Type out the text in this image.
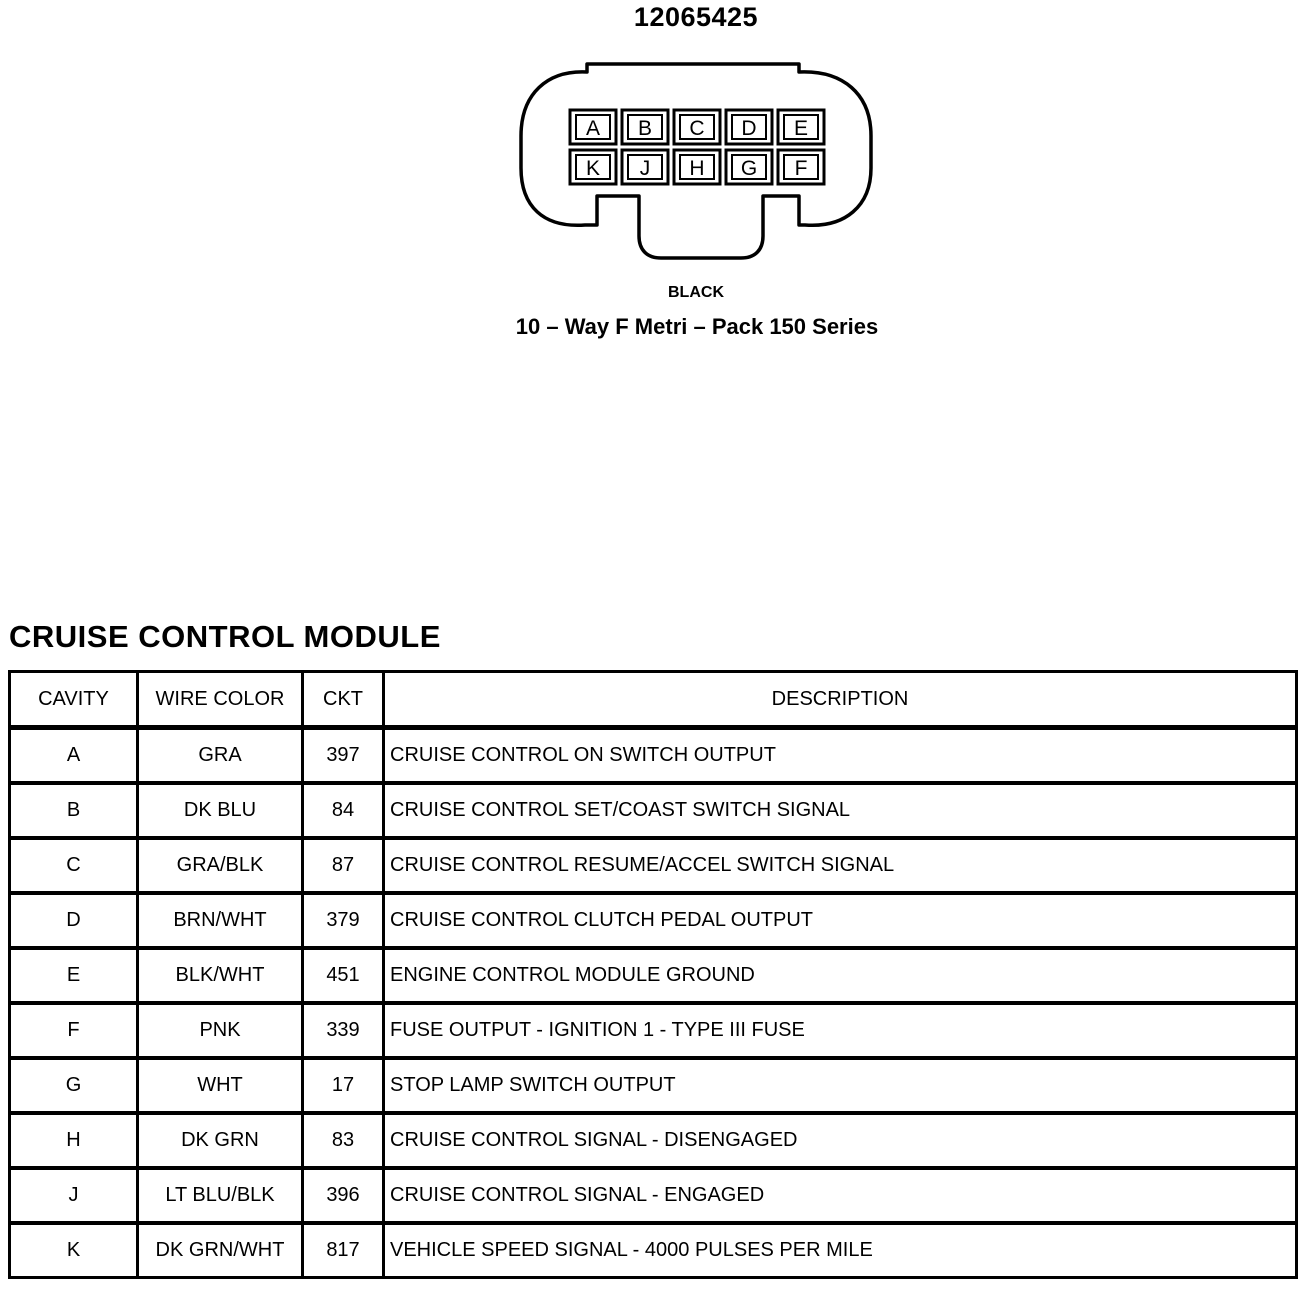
12065425
A B C D E
K J H G F
BLACK
10 – Way F Metri – Pack 150 Series
CRUISE CONTROL MODULE
CAVITY	WIRE COLOR	CKT	DESCRIPTION
A	GRA	397	CRUISE CONTROL ON SWITCH OUTPUT
B	DK BLU	84	CRUISE CONTROL SET/COAST SWITCH SIGNAL
C	GRA/BLK	87	CRUISE CONTROL RESUME/ACCEL SWITCH SIGNAL
D	BRN/WHT	379	CRUISE CONTROL CLUTCH PEDAL OUTPUT
E	BLK/WHT	451	ENGINE CONTROL MODULE GROUND
F	PNK	339	FUSE OUTPUT - IGNITION 1 - TYPE III FUSE
G	WHT	17	STOP LAMP SWITCH OUTPUT
H	DK GRN	83	CRUISE CONTROL SIGNAL - DISENGAGED
J	LT BLU/BLK	396	CRUISE CONTROL SIGNAL - ENGAGED
K	DK GRN/WHT	817	VEHICLE SPEED SIGNAL - 4000 PULSES PER MILE
